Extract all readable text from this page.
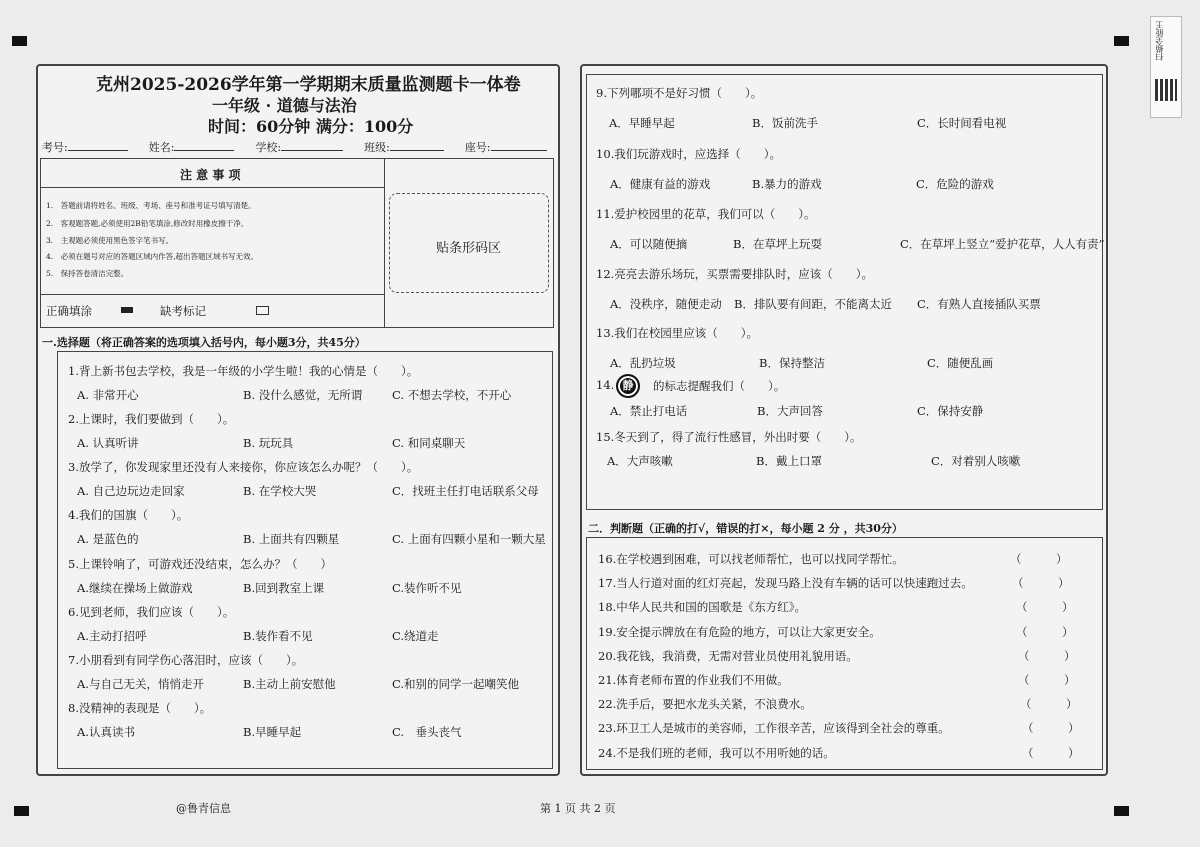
扫描全能王
克州2025-2026学年第一学期期末质量监测题卡一体卷
一年级 · 道德与法治
时间：60分钟 满分：100分
考号:	姓名:	学校:	班级:	座号:
注 意 事 项
1.　答题前请将姓名、班级、考场、座号和准考证号填写清楚。
2.　客观题答题,必须使用2B铅笔填涂,修改时用橡皮擦干净。
3.　主观题必须使用黑色签字笔书写。
4.　必须在题号对应的答题区域内作答,超出答题区域书写无效。
5.　保持答卷清洁完整。
正确填涂	缺考标记
贴条形码区
一.选择题（将正确答案的选项填入括号内，每小题3分，共45分）
1.背上新书包去学校，我是一年级的小学生啦！我的心情是（　　）。
A. 非常开心	B. 没什么感觉，无所谓	C. 不想去学校，不开心
2.上课时，我们要做到（　　）。
A. 认真听讲	B. 玩玩具	C. 和同桌聊天
3.放学了，你发现家里还没有人来接你，你应该怎么办呢？（　　）。
A. 自己边玩边走回家	B. 在学校大哭	C．找班主任打电话联系父母
4.我们的国旗（　　）。
A. 是蓝色的	B. 上面共有四颗星	C. 上面有四颗小星和一颗大星
5.上课铃响了，可游戏还没结束，怎么办？（　　）
A.继续在操场上做游戏	B.回到教室上课	C.装作听不见
6.见到老师，我们应该（　　）。
A.主动打招呼	B.装作看不见	C.绕道走
7.小朋看到有同学伤心落泪时，应该（　　）。
A.与自己无关，悄悄走开	B.主动上前安慰他	C.和别的同学一起嘲笑他
8.没精神的表现是（　　）。
A.认真读书	B.早睡早起	C.　垂头丧气
9.下列哪项不是好习惯（　　）。
A．早睡早起	B．饭前洗手	C．长时间看电视
10.我们玩游戏时，应选择（　　）。
A．健康有益的游戏	B.暴力的游戏	C．危险的游戏
11.爱护校园里的花草，我们可以（　　）。
A．可以随便摘	B．在草坪上玩耍	C．在草坪上竖立“爱护花草，人人有责”
12.亮亮去游乐场玩，买票需要排队时，应该（　　）。
A．没秩序，随便走动 B．排队要有间距，不能离太近 C．有熟人直接插队买票
13.我们在校园里应该（　　）。
A．乱扔垃圾	B．保持整洁	C．随便乱画
14. 静	的标志提醒我们（　　）。
A．禁止打电话	B．大声回答	C．保持安静
15.冬天到了，得了流行性感冒，外出时要（　　）。
A．大声咳嗽	B．戴上口罩	C．对着别人咳嗽
二．判断题（正确的打√，错误的打×，每小题 2 分 ，共30分）
16.在学校遇到困难，可以找老师帮忙，也可以找同学帮忙。	（　　　）
17.当人行道对面的红灯亮起，发现马路上没有车辆的话可以快速跑过去。	（　　　）
18.中华人民共和国的国歌是《东方红》。	（　　　）
19.安全提示牌放在有危险的地方，可以让大家更安全。	（　　　）
20.我花钱，我消费，无需对营业员使用礼貌用语。	（　　　）
21.体育老师布置的作业我们不用做。	（　　　）
22.洗手后，要把水龙头关紧，不浪费水。	（　　　）
23.环卫工人是城市的美容师，工作很辛苦，应该得到全社会的尊重。	（　　　）
24.不是我们班的老师，我可以不用听她的话。	（　　　）
@鲁青信息	第 1 页 共 2 页
